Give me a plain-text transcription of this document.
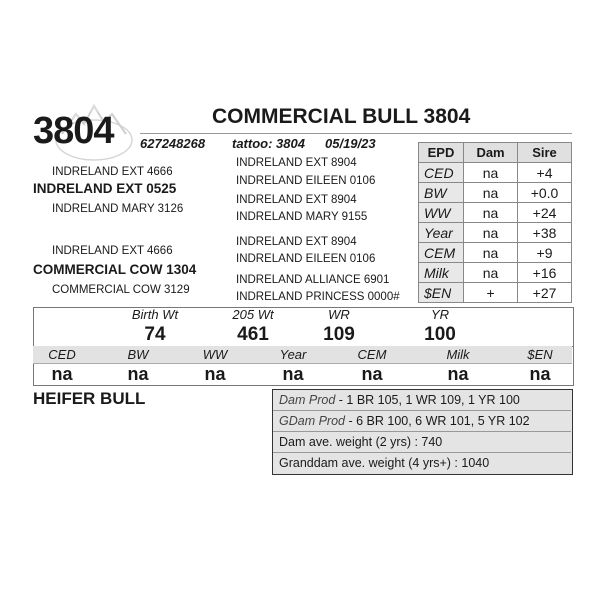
3804	COMMERCIAL BULL 3804
627248268 tattoo: 3804 05/19/23
INDRELAND EXT 4666
INDRELAND EXT 0525
INDRELAND MARY 3126
INDRELAND EXT 8904
INDRELAND EILEEN 0106
INDRELAND EXT 8904
INDRELAND MARY 9155
INDRELAND EXT 4666
COMMERCIAL COW 1304
COMMERCIAL COW 3129
INDRELAND EXT 8904
INDRELAND EILEEN 0106
INDRELAND ALLIANCE 6901
INDRELAND PRINCESS 0000#
EPD	Dam	Sire
CED	na	+4
BW	na	+0.0
WW	na	+24
Year	na	+38
CEM	na	+9
Milk	na	+16
$EN	+	+27
Birth Wt	205 Wt	WR	YR
74	461	109	100
CED	BW	WW	Year	CEM	Milk	$EN
na	na	na	na	na	na	na
HEIFER BULL	Dam Prod - 1 BR 105, 1 WR 109, 1 YR 100
GDam Prod - 6 BR 100, 6 WR 101, 5 YR 102
Dam ave. weight (2 yrs) : 740
Granddam ave. weight (4 yrs+) : 1040
